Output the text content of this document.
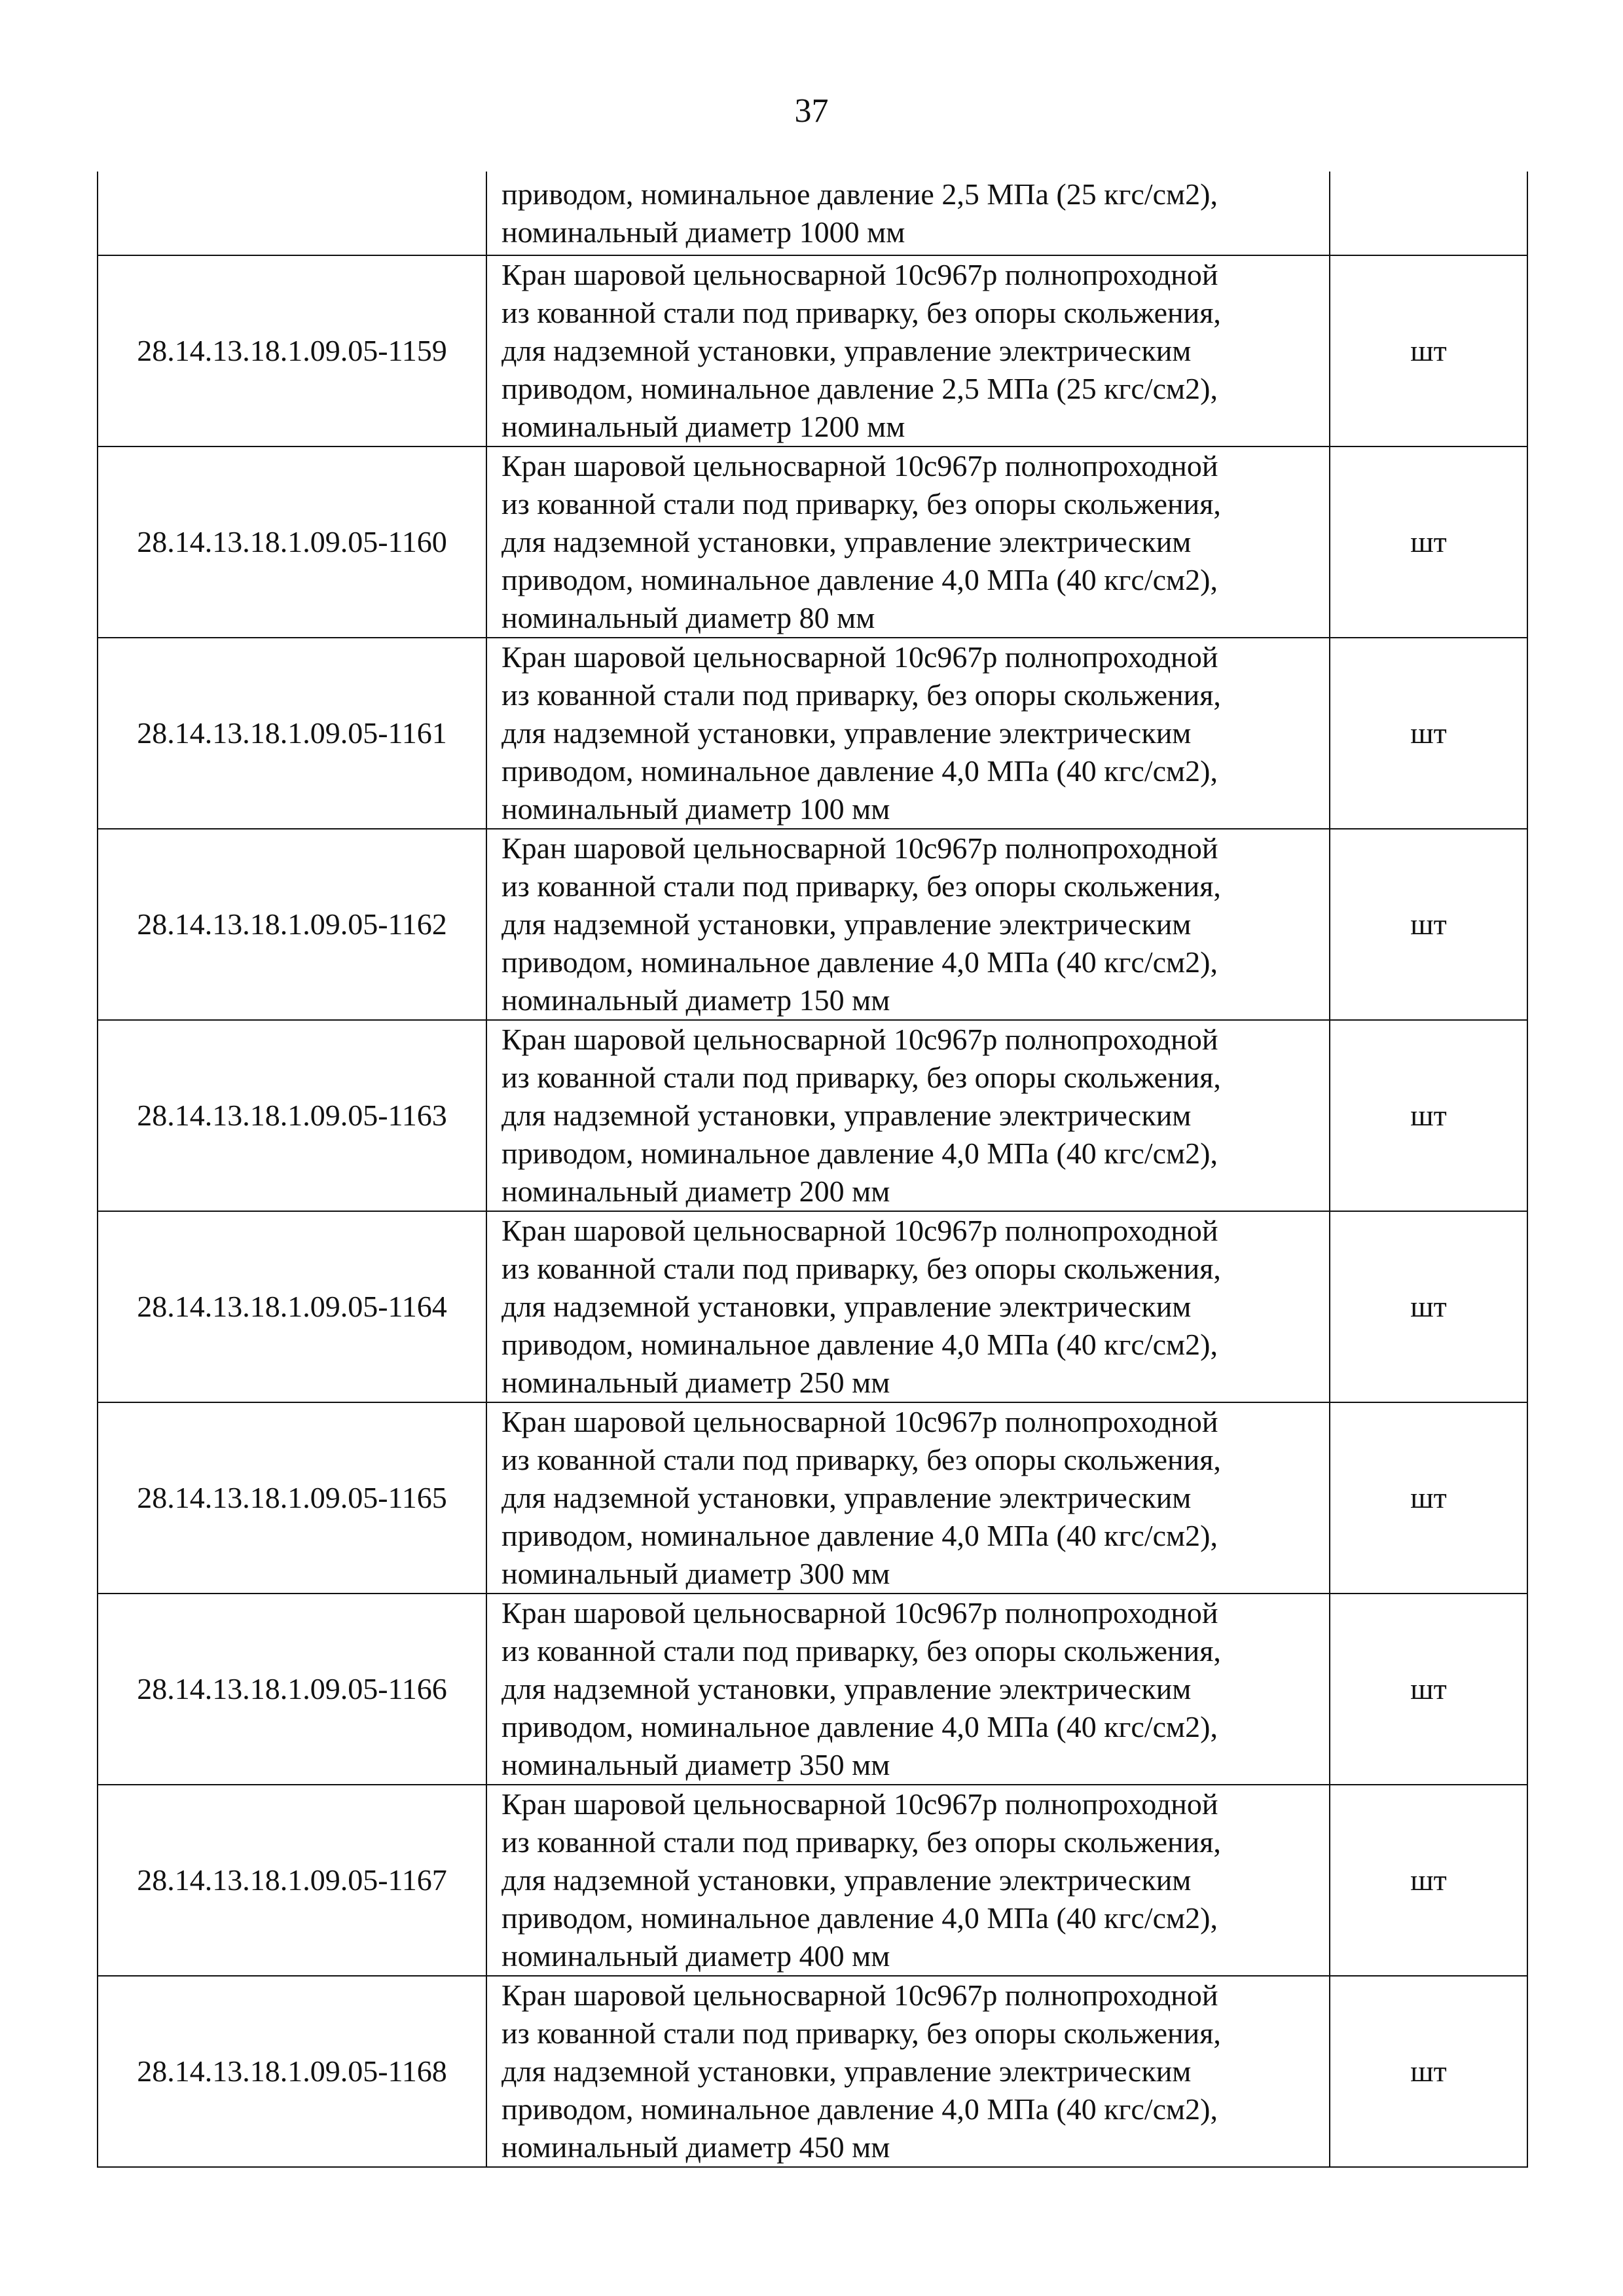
37

	приводом, номинальное давление 2,5 МПа (25 кгс/см2),
номинальный диаметр 1000 мм	

28.14.13.18.1.09.05-1159	Кран шаровой цельносварной 10с967р полнопроходной
из кованной стали под приварку, без опоры скольжения,
для надземной установки, управление электрическим
приводом, номинальное давление 2,5 МПа (25 кгс/см2),
номинальный диаметр 1200 мм	шт
28.14.13.18.1.09.05-1160	Кран шаровой цельносварной 10с967р полнопроходной
из кованной стали под приварку, без опоры скольжения,
для надземной установки, управление электрическим
приводом, номинальное давление 4,0 МПа (40 кгс/см2),
номинальный диаметр 80 мм	шт
28.14.13.18.1.09.05-1161	Кран шаровой цельносварной 10с967р полнопроходной
из кованной стали под приварку, без опоры скольжения,
для надземной установки, управление электрическим
приводом, номинальное давление 4,0 МПа (40 кгс/см2),
номинальный диаметр 100 мм	шт
28.14.13.18.1.09.05-1162	Кран шаровой цельносварной 10с967р полнопроходной
из кованной стали под приварку, без опоры скольжения,
для надземной установки, управление электрическим
приводом, номинальное давление 4,0 МПа (40 кгс/см2),
номинальный диаметр 150 мм	шт
28.14.13.18.1.09.05-1163	Кран шаровой цельносварной 10с967р полнопроходной
из кованной стали под приварку, без опоры скольжения,
для надземной установки, управление электрическим
приводом, номинальное давление 4,0 МПа (40 кгс/см2),
номинальный диаметр 200 мм	шт
28.14.13.18.1.09.05-1164	Кран шаровой цельносварной 10с967р полнопроходной
из кованной стали под приварку, без опоры скольжения,
для надземной установки, управление электрическим
приводом, номинальное давление 4,0 МПа (40 кгс/см2),
номинальный диаметр 250 мм	шт
28.14.13.18.1.09.05-1165	Кран шаровой цельносварной 10с967р полнопроходной
из кованной стали под приварку, без опоры скольжения,
для надземной установки, управление электрическим
приводом, номинальное давление 4,0 МПа (40 кгс/см2),
номинальный диаметр 300 мм	шт
28.14.13.18.1.09.05-1166	Кран шаровой цельносварной 10с967р полнопроходной
из кованной стали под приварку, без опоры скольжения,
для надземной установки, управление электрическим
приводом, номинальное давление 4,0 МПа (40 кгс/см2),
номинальный диаметр 350 мм	шт
28.14.13.18.1.09.05-1167	Кран шаровой цельносварной 10с967р полнопроходной
из кованной стали под приварку, без опоры скольжения,
для надземной установки, управление электрическим
приводом, номинальное давление 4,0 МПа (40 кгс/см2),
номинальный диаметр 400 мм	шт
28.14.13.18.1.09.05-1168	Кран шаровой цельносварной 10с967р полнопроходной
из кованной стали под приварку, без опоры скольжения,
для надземной установки, управление электрическим
приводом, номинальное давление 4,0 МПа (40 кгс/см2),
номинальный диаметр 450 мм	шт
